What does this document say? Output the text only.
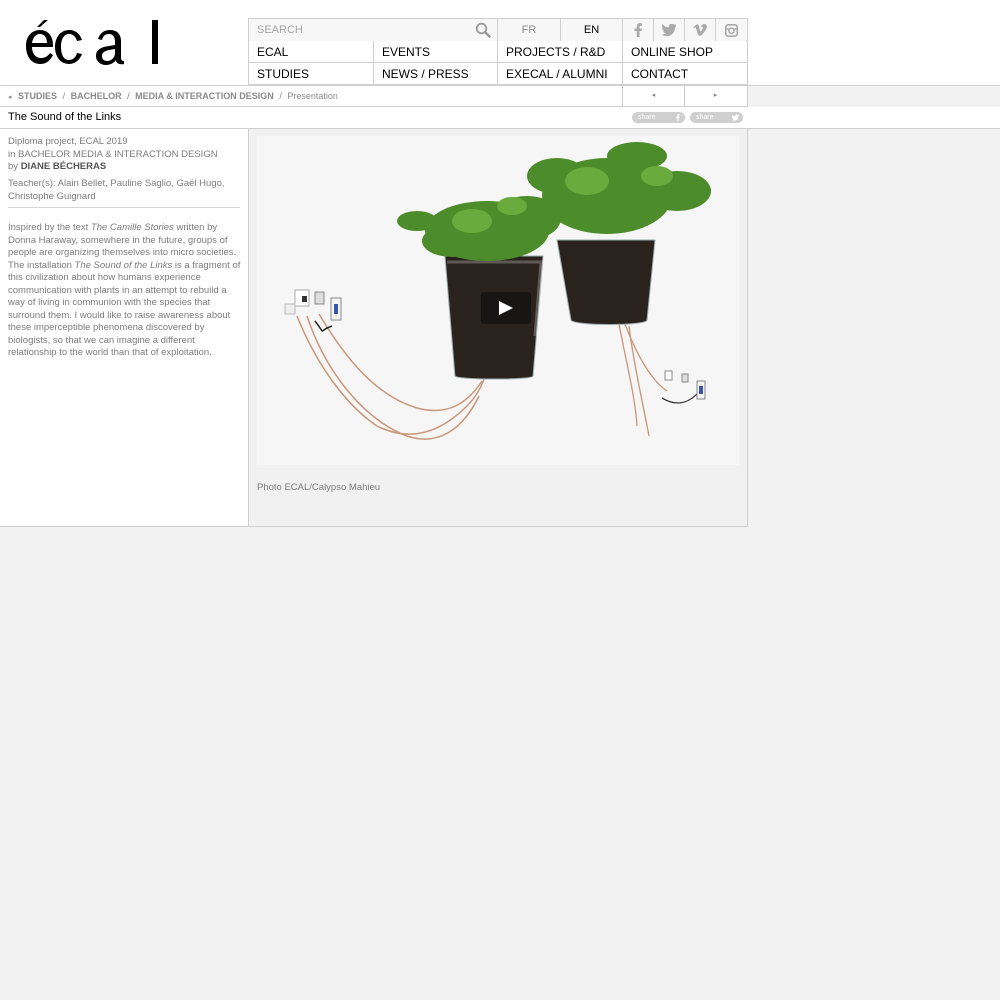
SEARCH
FR	EN
ECAL	EVENTS	PROJECTS / R&D	ONLINE SHOP
STUDIES	NEWS / PRESS	EXECAL / ALUMNI	CONTACT
◂ STUDIES / BACHELOR / MEDIA & INTERACTION DESIGN / Presentation	◂	▸
The Sound of the Links	share	share
Diploma project, ECAL 2019
in BACHELOR MEDIA & INTERACTION DESIGN
by DIANE BÉCHERAS
Teacher(s): Alain Bellet, Pauline Saglio, Gaël Hugo, Christophe Guignard
Inspired by the text The Camille Stories written by Donna Haraway, somewhere in the future, groups of people are organizing themselves into micro societies. The installation The Sound of the Links is a fragment of this civilization about how humans experience communication with plants in an attempt to rebuild a way of living in communion with the species that surround them. I would like to raise awareness about these imperceptible phenomena discovered by biologists, so that we can imagine a different relationship to the world than that of exploitation.
Photo ECAL/Calypso Mahieu
